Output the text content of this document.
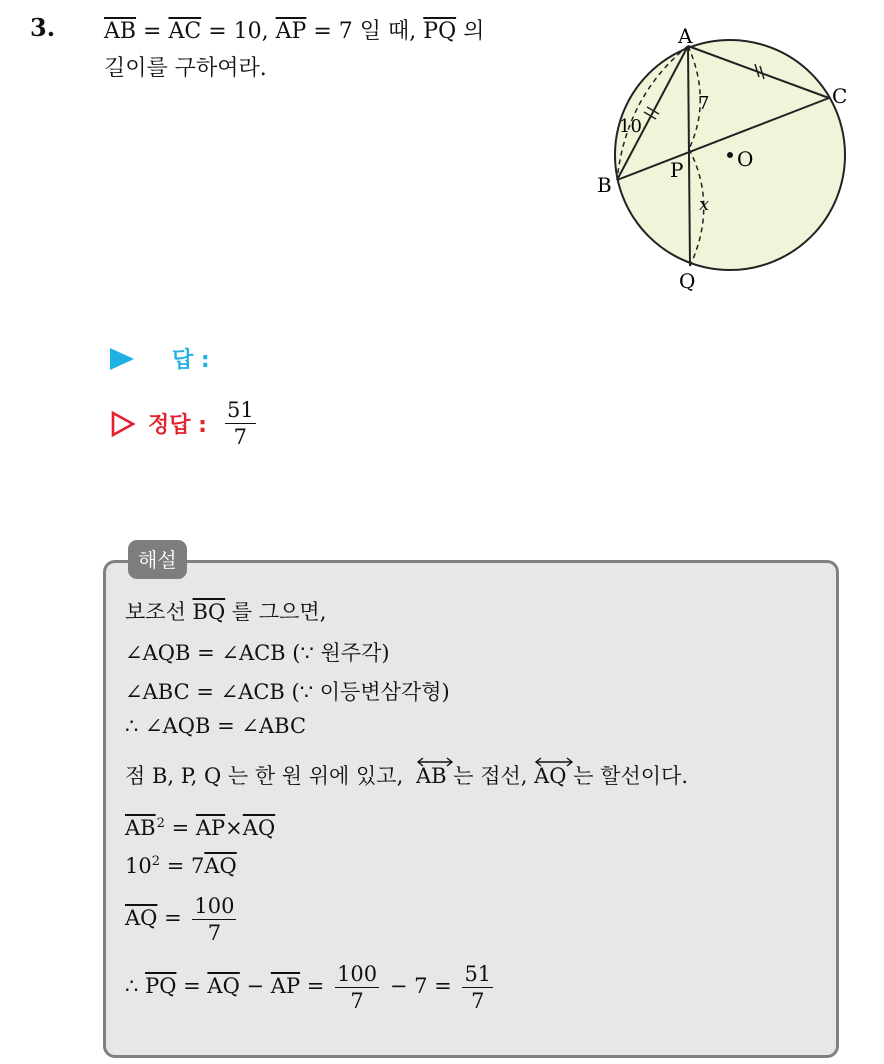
3. $\overline{AB} = \overline{AC} = 10$, $\overline{AP} = 7$ 일 때, $\overline{PQ}$ 의
길이를 구하여라.
A
B
C
P	O
Q
10
7
x
답 :
정답 : $\frac{51}{7}$
해설
보조선 $\overline{BQ}$ 를 그으면,
∠AQB = ∠ACB (∵ 원주각)
∠ABC = ∠ACB (∵ 이등변삼각형)
∴ ∠AQB = ∠ABC
점 B, P, Q 는 한 원 위에 있고, AB 는 접선, AQ 는 할선이다.
$\overline{AB}^2 = \overline{AP}\times\overline{AQ}$
$10^2 = 7\overline{AQ}$
$\overline{AQ} = \frac{100}{7}$
∴ $\overline{PQ} = \overline{AQ} - \overline{AP} = \frac{100}{7} - 7 = \frac{51}{7}$
